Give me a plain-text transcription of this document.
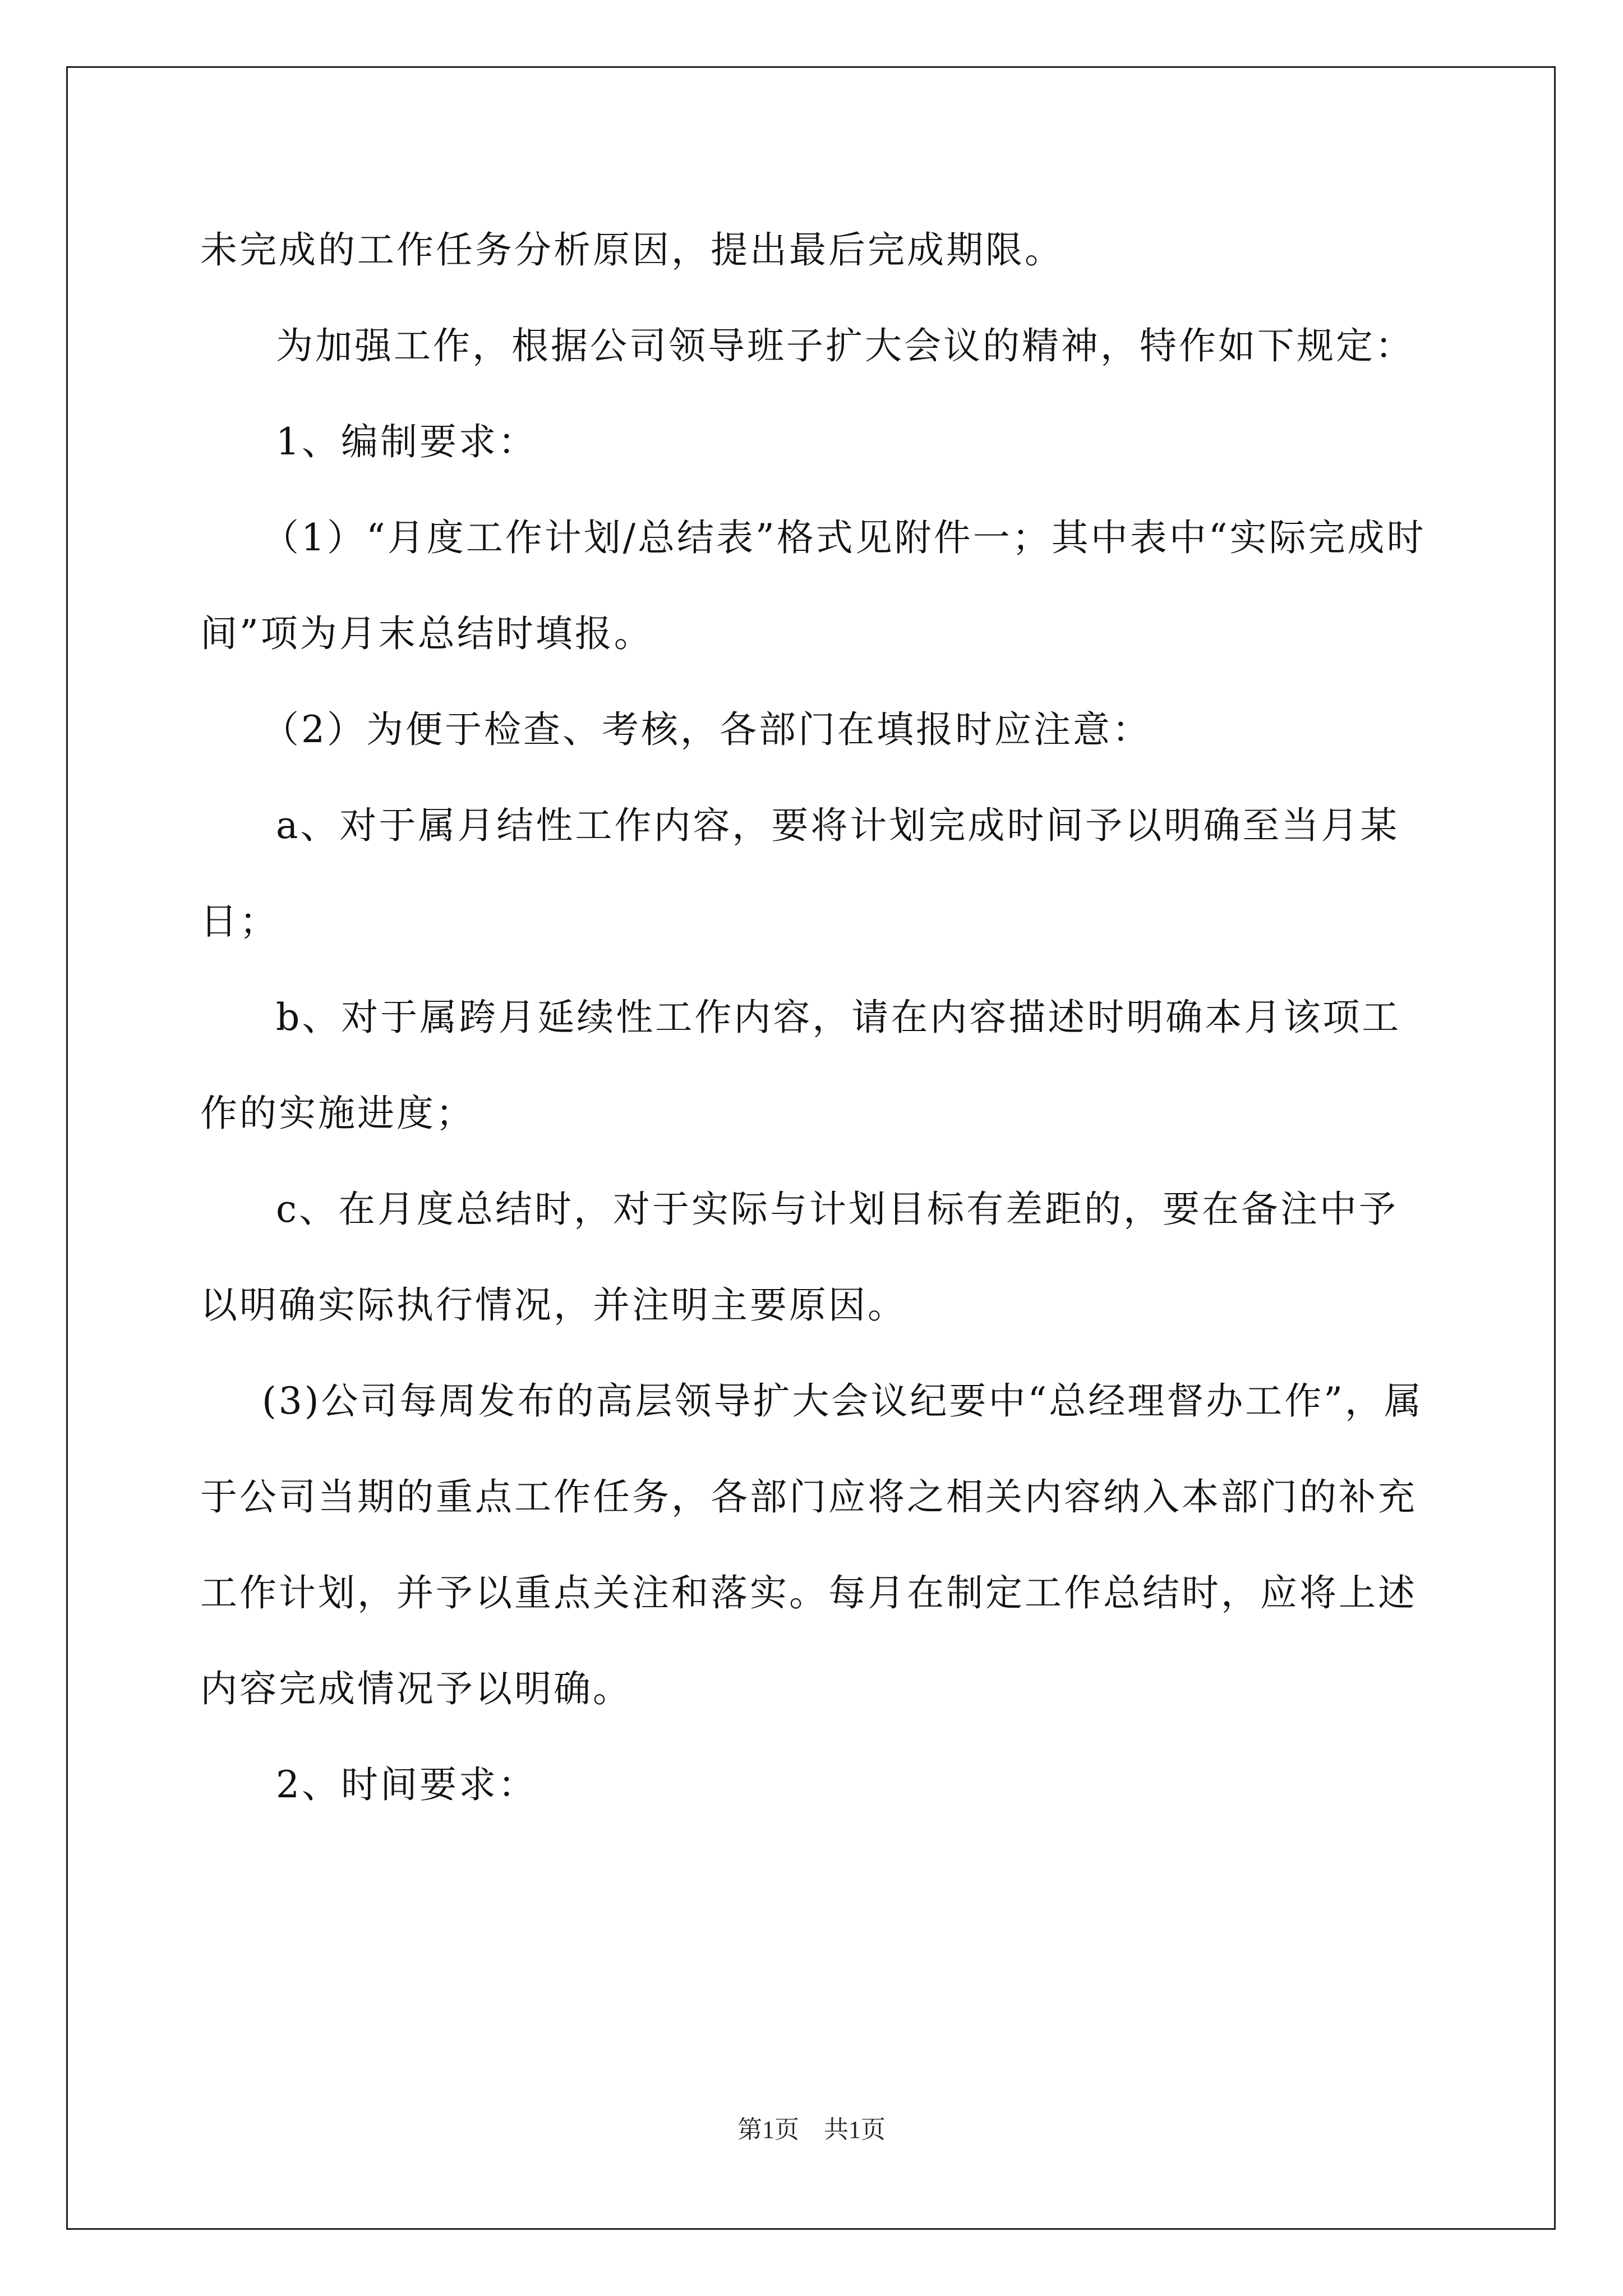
未完成的工作任务分析原因，提出最后完成期限。

为加强工作，根据公司领导班子扩大会议的精神，特作如下规定：

1、编制要求：

（1）“月度工作计划/总结表”格式见附件一；其中表中“实际完成时间”项为月末总结时填报。

（2）为便于检查、考核，各部门在填报时应注意：

a、对于属月结性工作内容，要将计划完成时间予以明确至当月某日；

b、对于属跨月延续性工作内容，请在内容描述时明确本月该项工作的实施进度；

c、在月度总结时，对于实际与计划目标有差距的，要在备注中予以明确实际执行情况，并注明主要原因。

(3)公司每周发布的高层领导扩大会议纪要中“总经理督办工作”，属于公司当期的重点工作任务，各部门应将之相关内容纳入本部门的补充工作计划，并予以重点关注和落实。每月在制定工作总结时，应将上述内容完成情况予以明确。

2、时间要求：

第1页　共1页
